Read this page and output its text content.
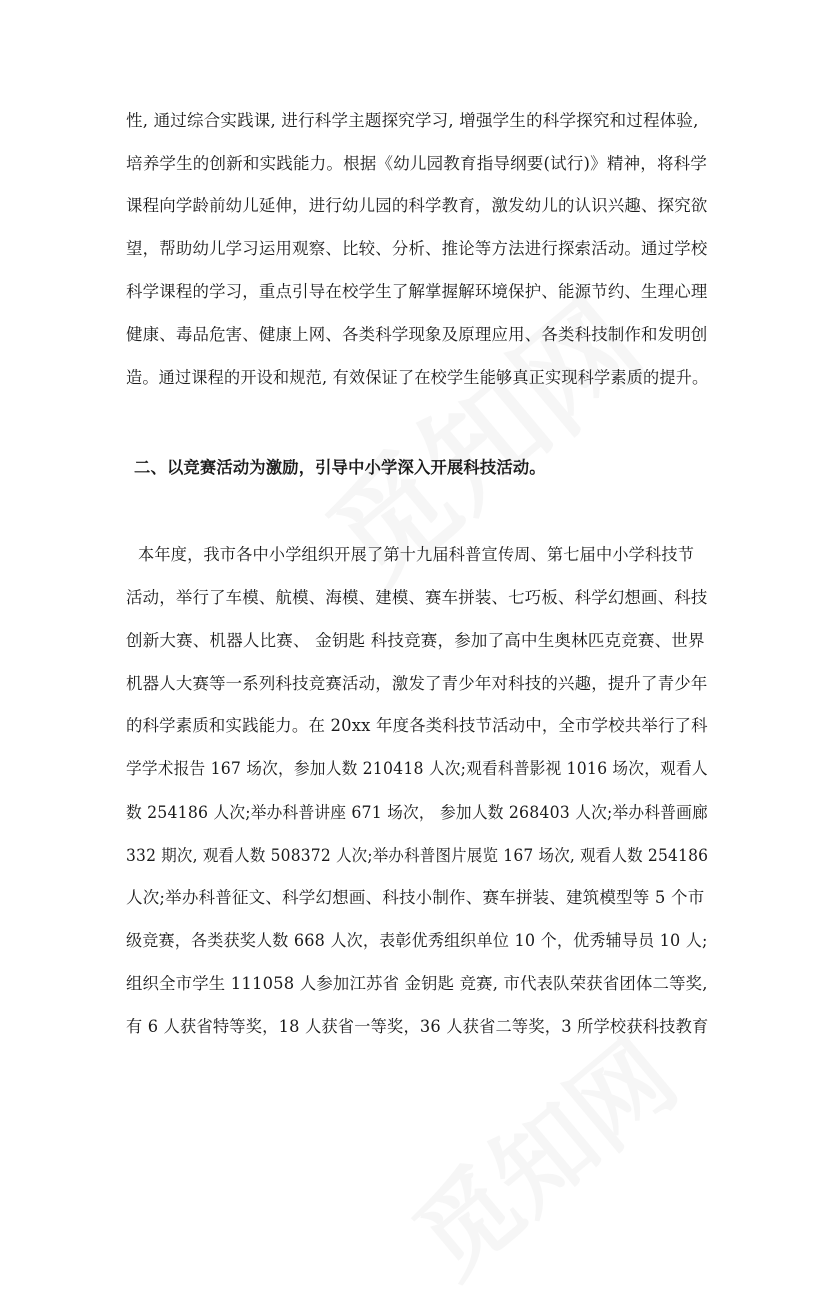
性, 通过综合实践课, 进行科学主题探究学习, 增强学生的科学探究和过程体验,
培养学生的创新和实践能力。根据《幼儿园教育指导纲要(试行)》精神，将科学
课程向学龄前幼儿延伸，进行幼儿园的科学教育，激发幼儿的认识兴趣、探究欲
望，帮助幼儿学习运用观察、比较、分析、推论等方法进行探索活动。通过学校
科学课程的学习，重点引导在校学生了解掌握解环境保护、能源节约、生理心理
健康、毒品危害、健康上网、各类科学现象及原理应用、各类科技制作和发明创
造。通过课程的开设和规范, 有效保证了在校学生能够真正实现科学素质的提升。
二、以竞赛活动为激励，引导中小学深入开展科技活动。
本年度，我市各中小学组织开展了第十九届科普宣传周、第七届中小学科技节
活动，举行了车模、航模、海模、建模、赛车拼装、七巧板、科学幻想画、科技
创新大赛、机器人比赛、 金钥匙 科技竞赛，参加了高中生奥林匹克竞赛、世界
机器人大赛等一系列科技竞赛活动，激发了青少年对科技的兴趣，提升了青少年
的科学素质和实践能力。在 20xx 年度各类科技节活动中，全市学校共举行了科
学学术报告 167 场次，参加人数 210418 人次;观看科普影视 1016 场次，观看人
数 254186 人次;举办科普讲座 671 场次， 参加人数 268403 人次;举办科普画廊
332 期次, 观看人数 508372 人次;举办科普图片展览 167 场次, 观看人数 254186
人次;举办科普征文、科学幻想画、科技小制作、赛车拼装、建筑模型等 5 个市
级竞赛，各类获奖人数 668 人次，表彰优秀组织单位 10 个，优秀辅导员 10 人;
组织全市学生 111058 人参加江苏省 金钥匙 竞赛, 市代表队荣获省团体二等奖,
有 6 人获省特等奖，18 人获省一等奖，36 人获省二等奖，3 所学校获科技教育
